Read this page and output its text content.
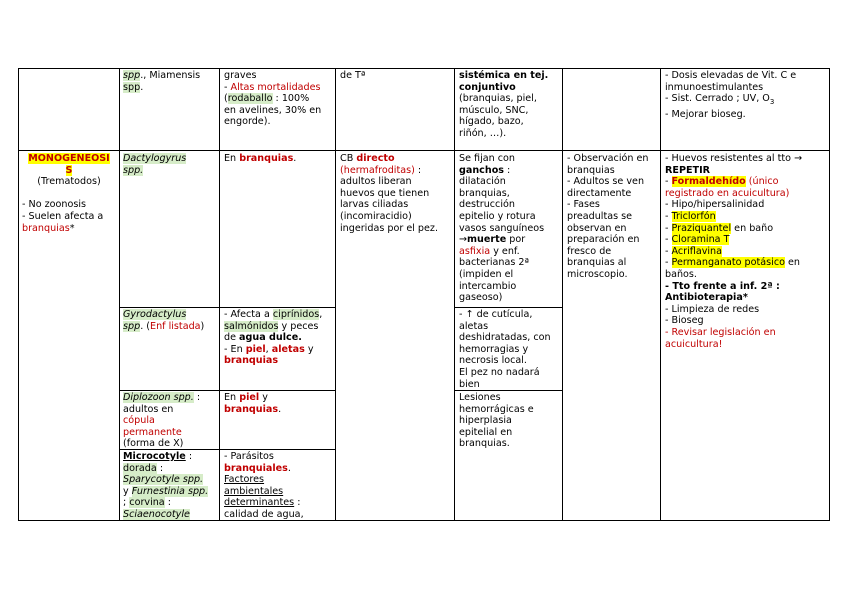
spp., Miamensis
spp.
graves
- Altas mortalidades
(rodaballo : 100%
en avelines, 30% en
engorde).
de Tª	sistémica en tej.
conjuntivo
(branquias, piel,
músculo, SNC,
hígado, bazo,
riñón, …).
- Dosis elevadas de Vit. C e
inmunoestimulantes
- Sist. Cerrado ; UV, $O_3$
- Mejorar bioseg.
MONOGENEOSI
S
(Trematodos)

- No zoonosis
- Suelen afecta a
branquias*
Dactylogyrus
spp.
En branquias.	CB directo
(hermafroditas) :
adultos liberan
huevos que tienen
larvas ciliadas
(incomiracidio)
ingeridas por el pez.
Se fijan con
ganchos :
dilatación
branquias,
destrucción
epitelio y rotura
vasos sanguíneos
→muerte por
asfixia y enf.
bacterianas 2ª
(impiden el
intercambio
gaseoso)
- Observación en
branquias
- Adultos se ven
directamente
- Fases
preadultas se
observan en
preparación en
fresco de
branquias al
microscopio.
- Huevos resistentes al tto →
REPETIR
- Formaldehído (único
registrado en acuicultura)
- Hipo/hipersalinidad
- Triclorfón
- Praziquantel en baño
- Cloramina T
- Acriflavina
- Permanganato potásico en
baños.
- Tto frente a inf. 2ª :
Antibioterapia*
- Limpieza de redes
- Bioseg
- Revisar legislación en
acuicultura!
Gyrodactylus
spp. (Enf listada)
- Afecta a ciprínidos,
salmónidos y peces
de agua dulce.
- En piel, aletas y
branquias
- ↑ de cutícula,
aletas
deshidratadas, con
hemorragias y
necrosis local.
El pez no nadará
bien
Diplozoon spp. :
adultos en
cópula
permanente
(forma de X)
En piel y
branquias.
Lesiones
hemorrágicas e
hiperplasia
epitelial en
branquias.
Microcotyle :
dorada :
Sparycotyle spp.
y Furnestinia spp.
; corvina :
Sciaenocotyle
- Parásitos
branquiales.
Factores
ambientales
determinantes :
calidad de agua,
